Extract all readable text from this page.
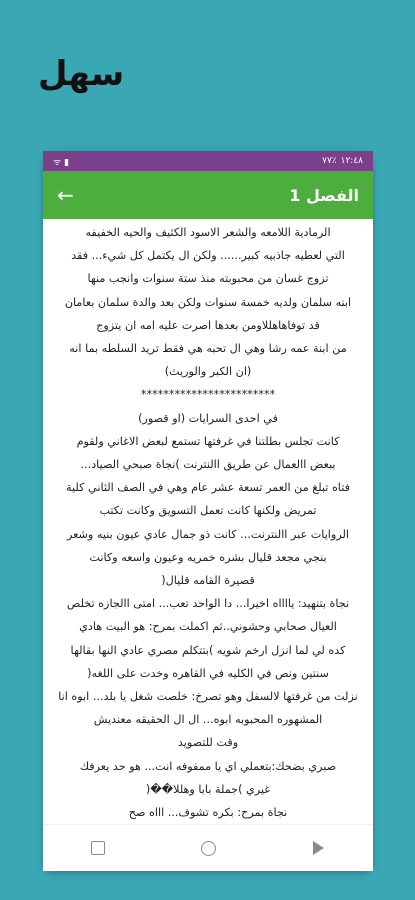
سهل
ᯤ ▮	٧٧٪ ١٢:٤٨
←	الفصل 1

الرمادية اللامعه والشعر الاسود الكثيف والحيه الخفيفه

التي لعطيه جاذبيه كبير...... ولكن ال يكتمل كل شيء... فقد

تزوج غسان من محبوبته منذ ستة سنوات وانجب منها

ابنه سلمان ولديه خمسة سنوات ولكن بعد والدة سلمان بعامان

قد توفاهاهللاومن بعدها اصرت عليه امه ان يتزوج

من ابنة عمه رشا وهي ال تحبه هي فقط تريد السلطه بما انه

(ان الكبر والوريث)

************************

في احدى السرايات (او قصور)

كانت تجلس بطلتنا في غرفتها تستمع لبعض الاغاني ولقوم

ببعض االعمال عن طريق االنترنت )نجاة صبحي الصياد...

فتاه تبلغ من العمر تسعة عشر عام وهي في الصف الثاني كلية

تمريض ولكنها كانت تعمل التسويق وكانت تكتب

الروايات عبر االنترنت... كانت ذو جمال عادي عيون بنيه وشعر

بنجي مجعد قليال بشره خمريه وعيون واسعه وكانت

قصيرة القامه قليال(

نجاة بتنهيد: يااااه اخيرا... دا الواحد تعب... امتى االجازه تخلص

العيال صحابي وحشوني..ثم اكملت بمرح: هو البيت هادي

كده لي لما انزل ارخم شويه )بتتكلم مصري عادي النها بقالها

سنتين ونص في الكليه في القاهره وخدت على اللغه(

نزلت من غرفتها لالسفل وهو تصرخ: خلصت شغل يا بلد... ابوه انا

المشهوره المحبوبه ابوه... ال ال الحقيقه معنديش

وقت للتصويد

صبري بضحك:بتعملي اي يا ممفوفه انت... هو حد يعرفك

غيري )جملة بابا وهللا��(

نجاة بمرح: بكره تشوف... اااه صح
